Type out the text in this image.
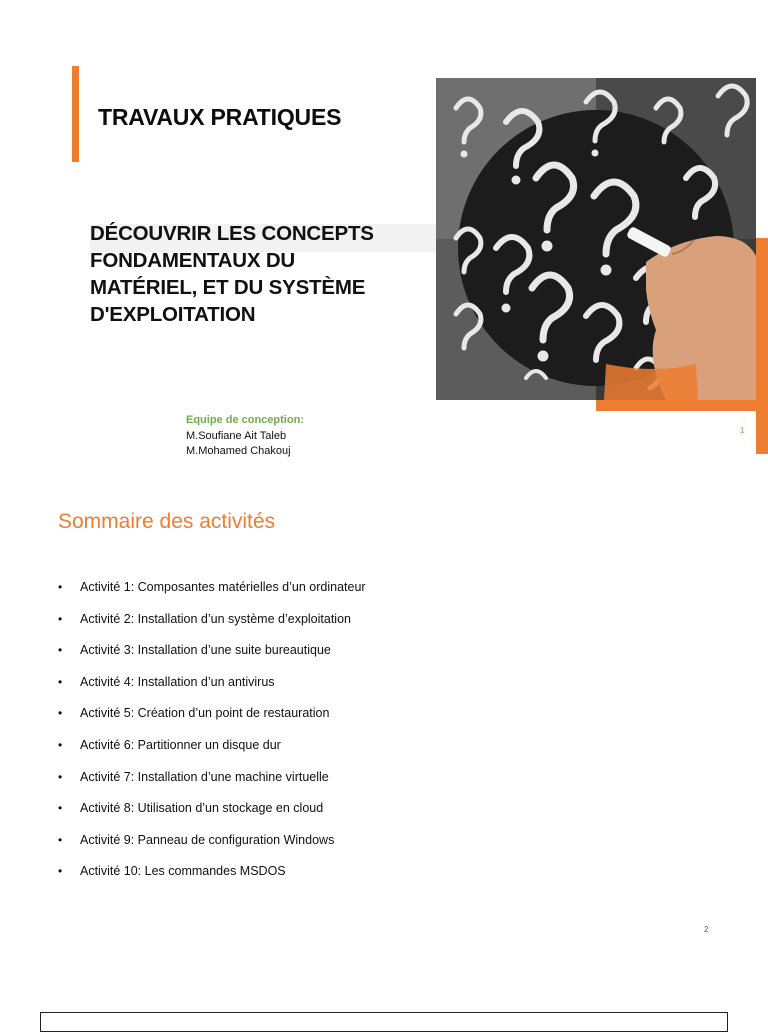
TRAVAUX PRATIQUES
DÉCOUVRIR LES CONCEPTS
FONDAMENTAUX DU
MATÉRIEL, ET DU SYSTÈME
D'EXPLOITATION
Equipe de conception:
M.Soufiane Ait Taleb
M.Mohamed Chakouj
1
Sommaire des activités
• Activité 1: Composantes matérielles d’un ordinateur
• Activité 2: Installation d’un système d’exploitation
• Activité 3: Installation d’une suite bureautique
• Activité 4: Installation d’un antivirus
• Activité 5: Création d’un point de restauration
• Activité 6: Partitionner un disque dur
• Activité 7: Installation d’une machine virtuelle
• Activité 8: Utilisation d’un stockage en cloud
• Activité 9: Panneau de configuration Windows
• Activité 10: Les commandes MSDOS
2
